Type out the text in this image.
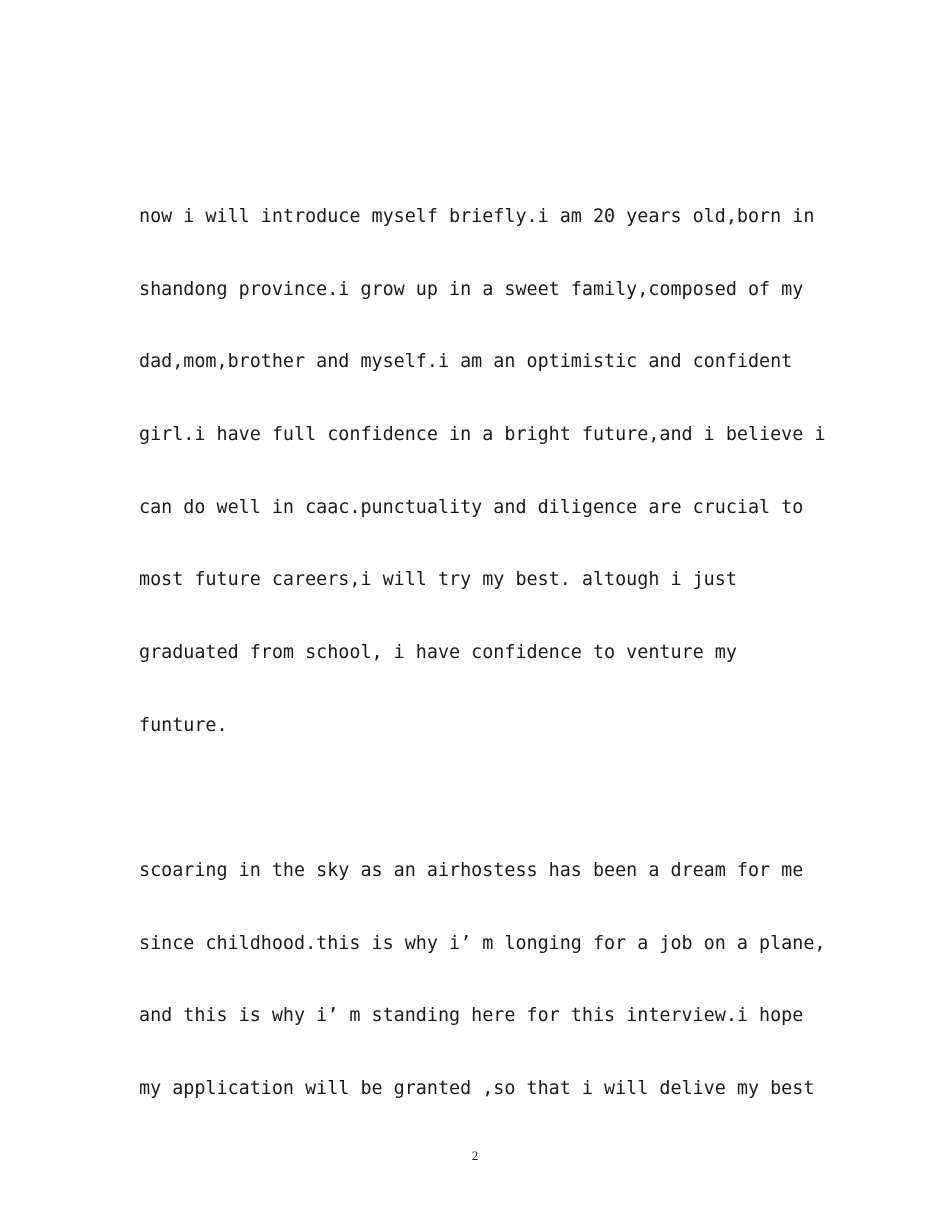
now i will introduce myself briefly.i am 20 years old,born in

shandong province.i grow up in a sweet family,composed of my

dad,mom,brother and myself.i am an optimistic and confident

girl.i have full confidence in a bright future,and i believe i

can do well in caac.punctuality and diligence are crucial to

most future careers,i will try my best. altough i just

graduated from school, i have confidence to venture my

funture.

scoaring in the sky as an airhostess has been a dream for me

since childhood.this is why i’ m longing for a job on a plane,

and this is why i’ m standing here for this interview.i hope

my application will be granted ,so that i will delive my best

2
